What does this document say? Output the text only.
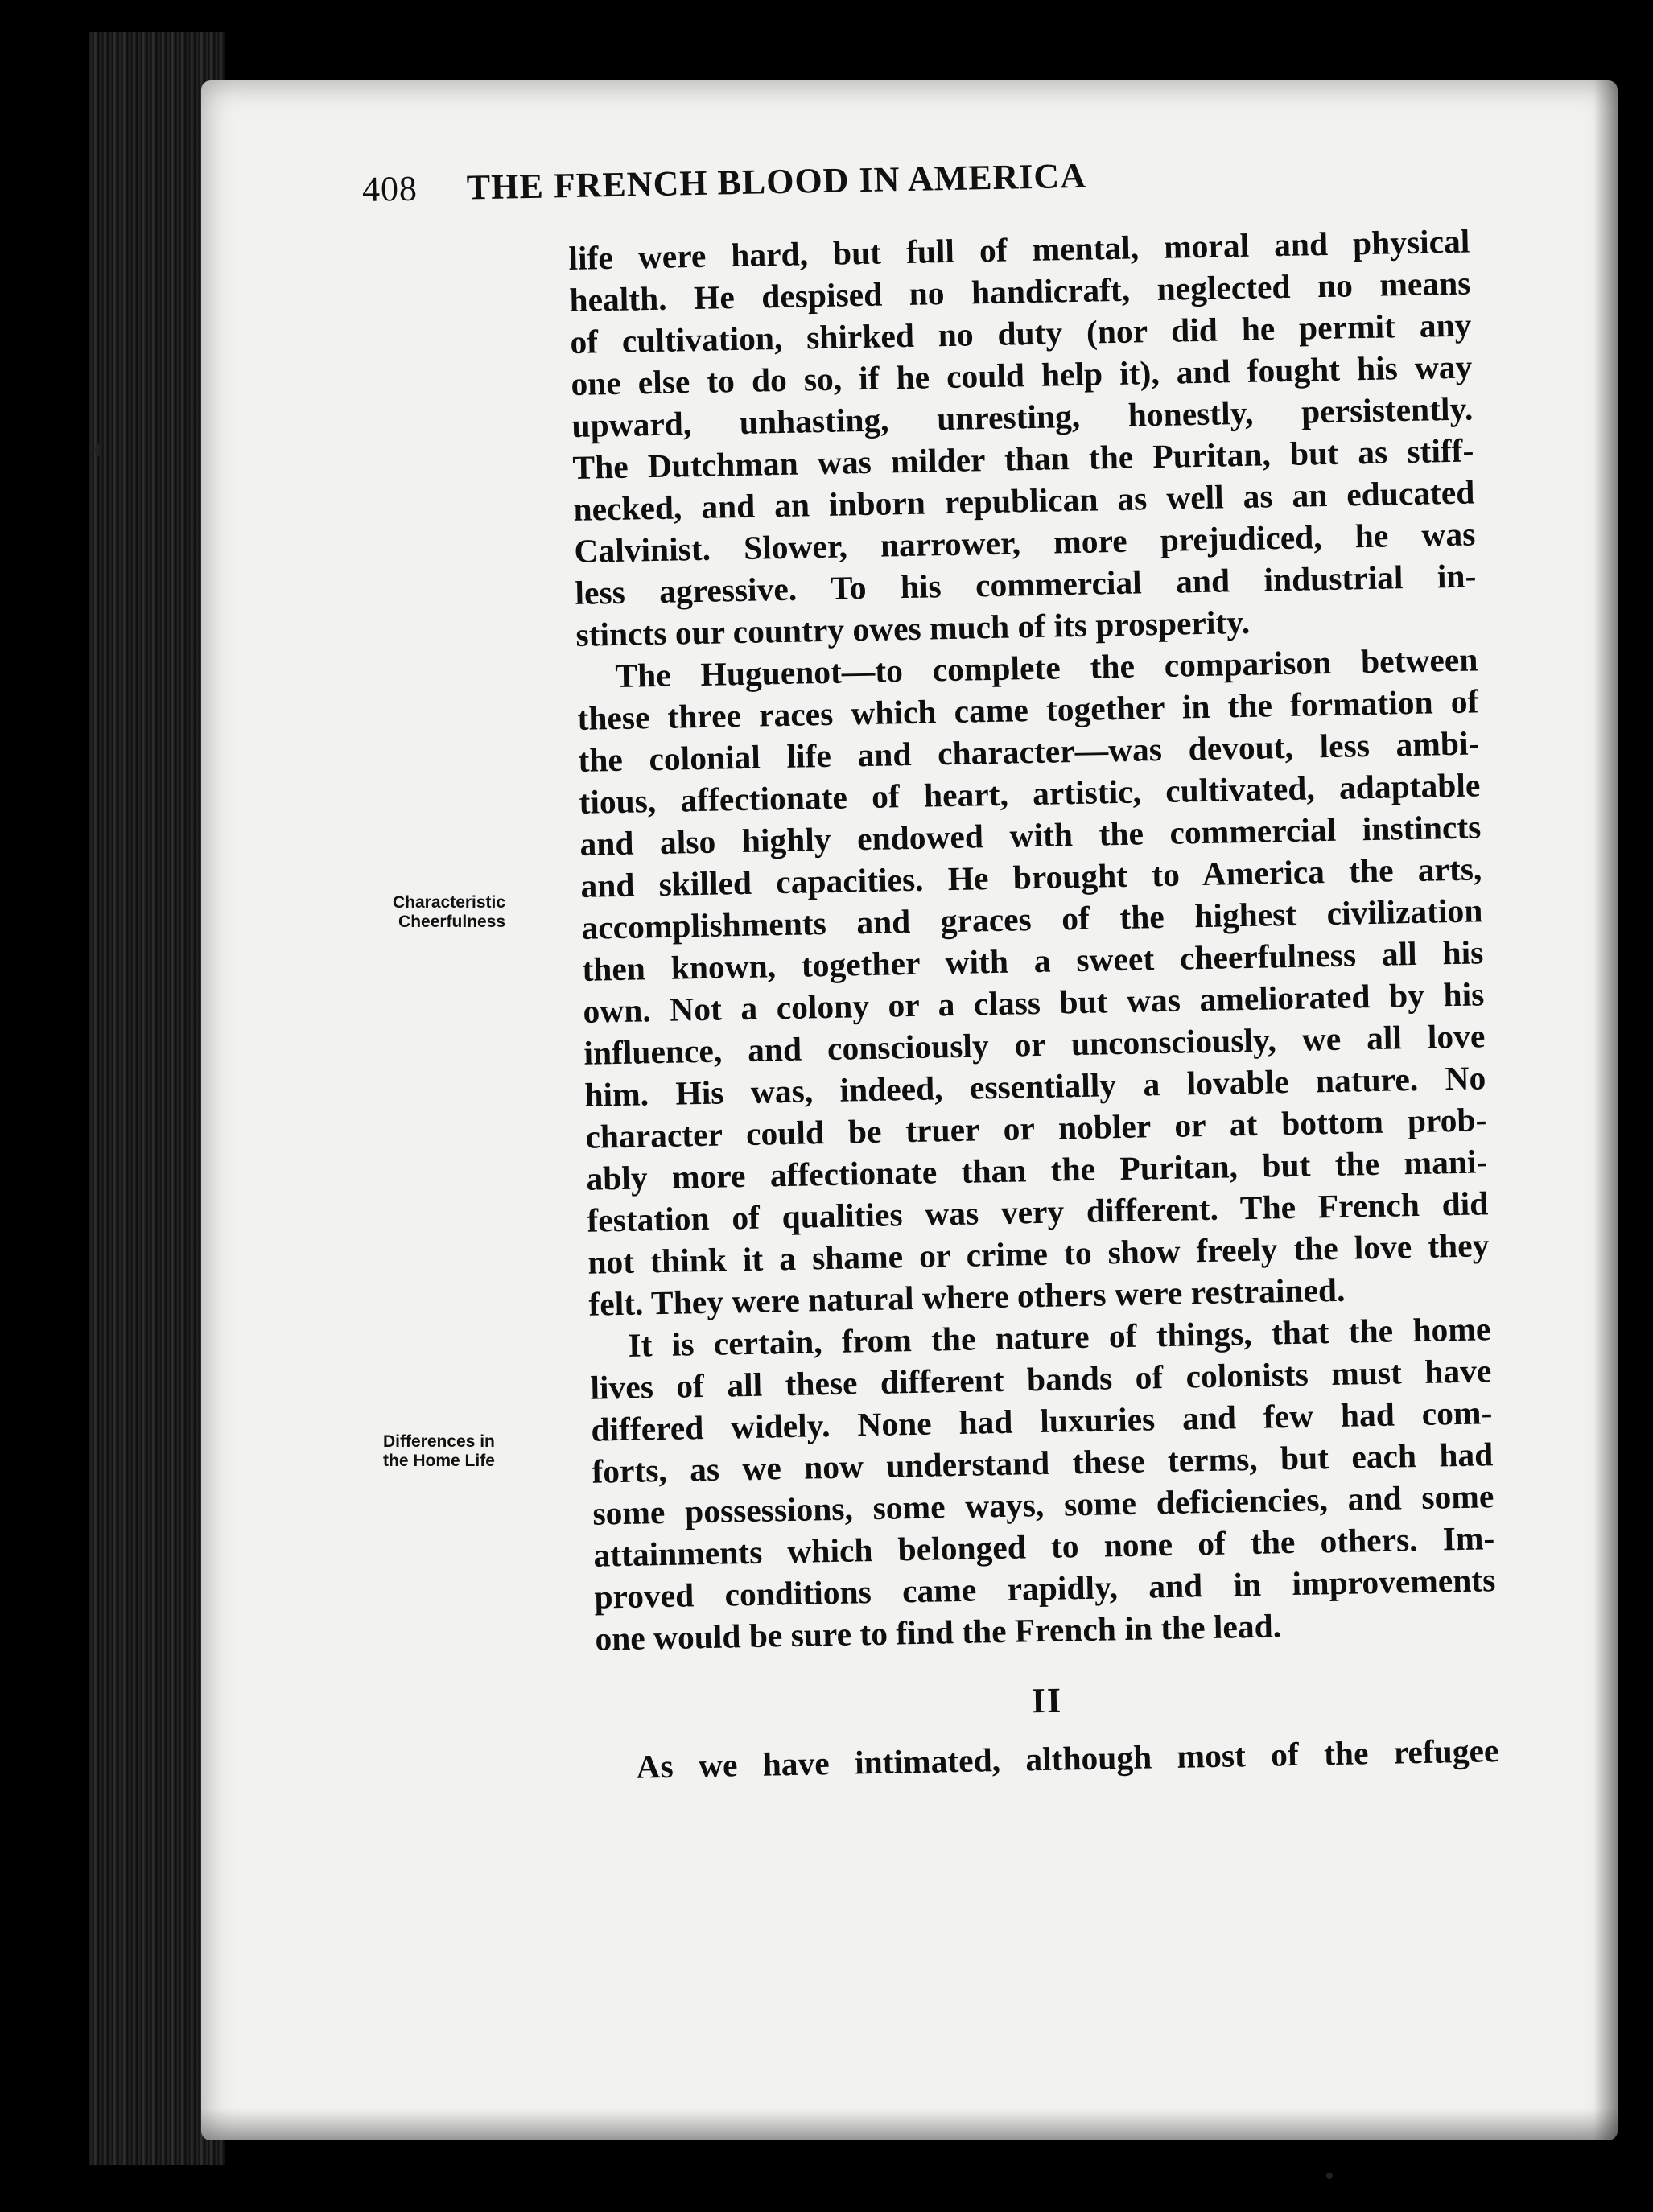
408 THE FRENCH BLOOD IN AMERICA
Characteristic
Cheerfulness
Differences in
the Home Life
life were hard, but full of mental, moral and physical
health. He despised no handicraft, neglected no means
of cultivation, shirked no duty (nor did he permit any
one else to do so, if he could help it), and fought his way
upward, unhasting, unresting, honestly, persistently.
The Dutchman was milder than the Puritan, but as stiff-
necked, and an inborn republican as well as an educated
Calvinist. Slower, narrower, more prejudiced, he was
less agressive. To his commercial and industrial in-
stincts our country owes much of its prosperity.
The Huguenot—to complete the comparison between
these three races which came together in the formation of
the colonial life and character—was devout, less ambi-
tious, affectionate of heart, artistic, cultivated, adaptable
and also highly endowed with the commercial instincts
and skilled capacities. He brought to America the arts,
accomplishments and graces of the highest civilization
then known, together with a sweet cheerfulness all his
own. Not a colony or a class but was ameliorated by his
influence, and consciously or unconsciously, we all love
him. His was, indeed, essentially a lovable nature. No
character could be truer or nobler or at bottom prob-
ably more affectionate than the Puritan, but the mani-
festation of qualities was very different. The French did
not think it a shame or crime to show freely the love they
felt. They were natural where others were restrained.
It is certain, from the nature of things, that the home
lives of all these different bands of colonists must have
differed widely. None had luxuries and few had com-
forts, as we now understand these terms, but each had
some possessions, some ways, some deficiencies, and some
attainments which belonged to none of the others. Im-
proved conditions came rapidly, and in improvements
one would be sure to find the French in the lead.
II
As we have intimated, although most of the refugee
